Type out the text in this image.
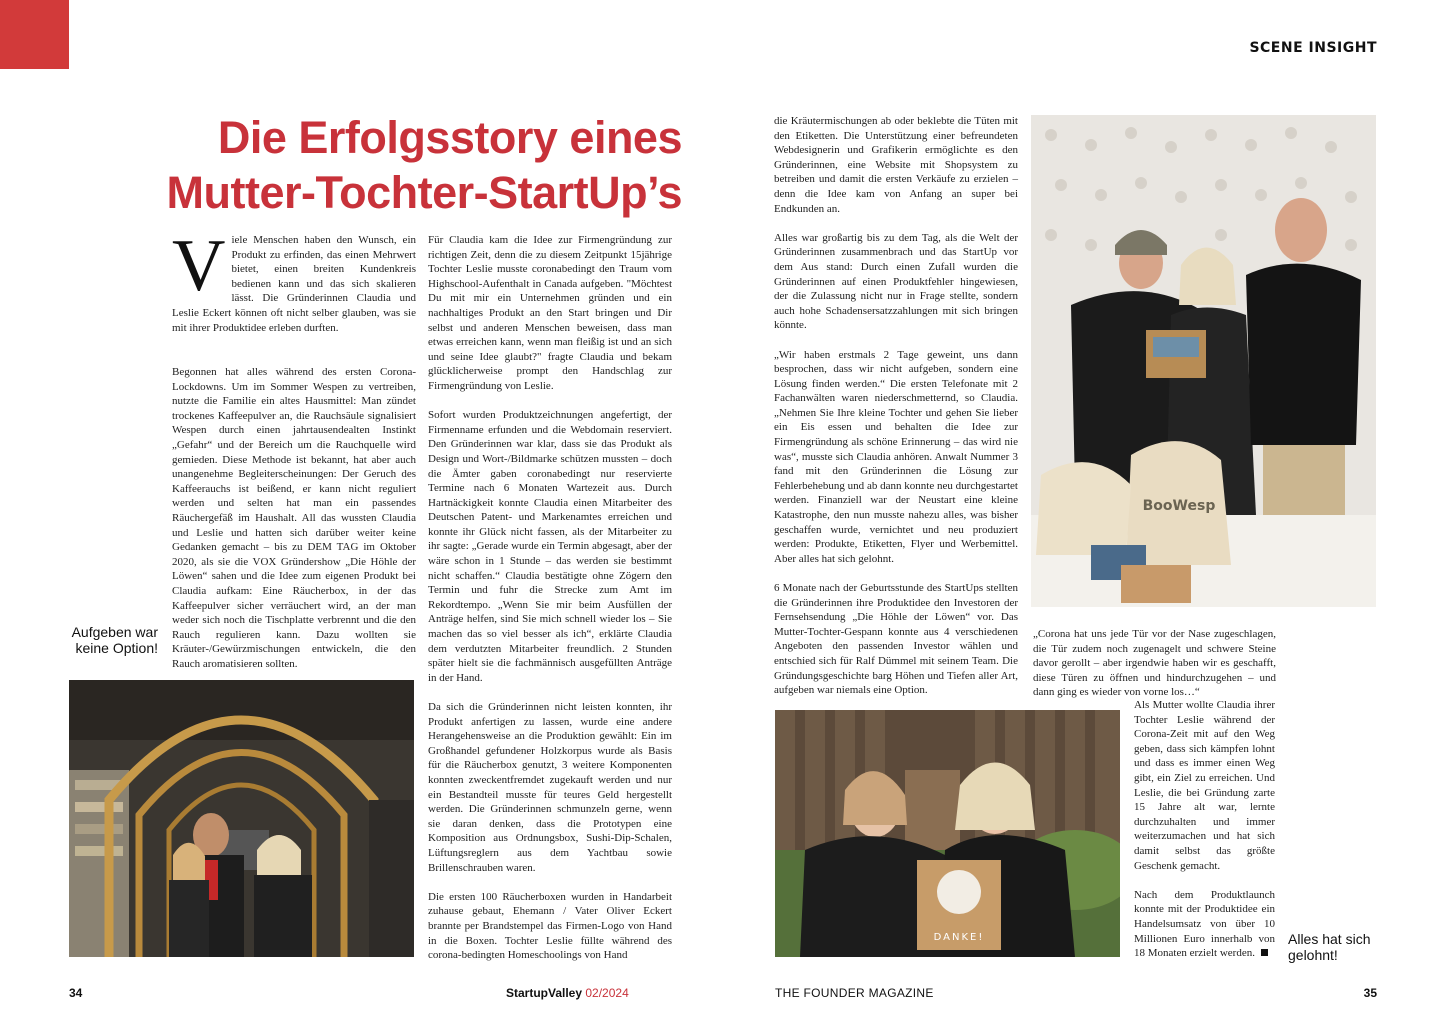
SCENE INSIGHT
Die Erfolgsstory eines
Mutter-Tochter-StartUp’s

Viele Menschen haben den Wunsch, ein Produkt zu erfinden, das einen Mehrwert bietet, einen breiten Kundenkreis bedienen kann und das sich skalieren lässt. Die Gründerinnen Claudia und Leslie Eckert können oft nicht selber glauben, was sie mit ihrer Produktidee erleben durften.

Begonnen hat alles während des ersten Corona-Lockdowns. Um im Sommer Wespen zu vertreiben, nutzte die Familie ein altes Hausmittel: Man zündet trockenes Kaffeepulver an, die Rauchsäule signalisiert Wespen durch einen jahrtausendealten Instinkt „Gefahr“ und der Bereich um die Rauchquelle wird gemieden. Diese Methode ist bekannt, hat aber auch unangenehme Begleiterscheinungen: Der Geruch des Kaffeerauchs ist beißend, er kann nicht reguliert werden und selten hat man ein passendes Räuchergefäß im Haushalt. All das wussten Claudia und Leslie und hatten sich darüber weiter keine Gedanken gemacht – bis zu DEM TAG im Oktober 2020, als sie die VOX Gründershow „Die Höhle der Löwen“ sahen und die Idee zum eigenen Produkt bei Claudia aufkam: Eine Räucherbox, in der das Kaffeepulver sicher verräuchert wird, an der man weder sich noch die Tischplatte verbrennt und die den Rauch regulieren kann. Dazu wollten sie Kräuter-/Gewürzmischungen entwickeln, die den Rauch aromatisieren sollten.

Aufgeben war keine Option!

Für Claudia kam die Idee zur Firmengründung zur richtigen Zeit, denn die zu diesem Zeitpunkt 15jährige Tochter Leslie musste coronabedingt den Traum vom Highschool-Aufenthalt in Canada aufgeben. "Möchtest Du mit mir ein Unternehmen gründen und ein nachhaltiges Produkt an den Start bringen und Dir selbst und anderen Menschen beweisen, dass man etwas erreichen kann, wenn man fleißig ist und an sich und seine Idee glaubt?" fragte Claudia und bekam glücklicherweise prompt den Handschlag zur Firmengründung von Leslie.

Sofort wurden Produktzeichnungen angefertigt, der Firmenname erfunden und die Webdomain reserviert. Den Gründerinnen war klar, dass sie das Produkt als Design und Wort-/Bildmarke schützen mussten – doch die Ämter gaben coronabedingt nur reservierte Termine nach 6 Monaten Wartezeit aus. Durch Hartnäckigkeit konnte Claudia einen Mitarbeiter des Deutschen Patent- und Markenamtes erreichen und konnte ihr Glück nicht fassen, als der Mitarbeiter zu ihr sagte: „Gerade wurde ein Termin abgesagt, aber der wäre schon in 1 Stunde – das werden sie bestimmt nicht schaffen.“ Claudia bestätigte ohne Zögern den Termin und fuhr die Strecke zum Amt im Rekordtempo. „Wenn Sie mir beim Ausfüllen der Anträge helfen, sind Sie mich schnell wieder los – Sie machen das so viel besser als ich“, erklärte Claudia dem verdutzten Mitarbeiter freundlich. 2 Stunden später hielt sie die fachmännisch ausgefüllten Anträge in der Hand.

Da sich die Gründerinnen nicht leisten konnten, ihr Produkt anfertigen zu lassen, wurde eine andere Herangehensweise an die Produktion gewählt: Ein im Großhandel gefundener Holzkorpus wurde als Basis für die Räucherbox genutzt, 3 weitere Komponenten konnten zweckentfremdet zugekauft werden und nur ein Bestandteil musste für teures Geld hergestellt werden. Die Gründerinnen schmunzeln gerne, wenn sie daran denken, dass die Prototypen eine Komposition aus Ordnungsbox, Sushi-Dip-Schalen, Lüftungsreglern aus dem Yachtbau sowie Brillenschrauben waren.

Die ersten 100 Räucherboxen wurden in Handarbeit zuhause gebaut, Ehemann / Vater Oliver Eckert brannte per Brandstempel das Firmen-Logo von Hand in die Boxen. Tochter Leslie füllte während des corona-bedingten Homeschoolings von Hand

die Kräutermischungen ab oder beklebte die Tüten mit den Etiketten. Die Unterstützung einer befreundeten Webdesignerin und Grafikerin ermöglichte es den Gründerinnen, eine Website mit Shopsystem zu betreiben und damit die ersten Verkäufe zu erzielen – denn die Idee kam von Anfang an super bei Endkunden an.

Alles war großartig bis zu dem Tag, als die Welt der Gründerinnen zusammenbrach und das StartUp vor dem Aus stand: Durch einen Zufall wurden die Gründerinnen auf einen Produktfehler hingewiesen, der die Zulassung nicht nur in Frage stellte, sondern auch hohe Schadensersatzzahlungen mit sich bringen könnte.

„Wir haben erstmals 2 Tage geweint, uns dann besprochen, dass wir nicht aufgeben, sondern eine Lösung finden werden.“ Die ersten Telefonate mit 2 Fachanwälten waren niederschmetternd, so Claudia. „Nehmen Sie Ihre kleine Tochter und gehen Sie lieber ein Eis essen und behalten die Idee zur Firmengründung als schöne Erinnerung – das wird nie was“, musste sich Claudia anhören. Anwalt Nummer 3 fand mit den Gründerinnen die Lösung zur Fehlerbehebung und ab dann konnte neu durchgestartet werden. Finanziell war der Neustart eine kleine Katastrophe, den nun musste nahezu alles, was bisher geschaffen wurde, vernichtet und neu produziert werden: Produkte, Etiketten, Flyer und Werbemittel. Aber alles hat sich gelohnt.

6 Monate nach der Geburtsstunde des StartUps stellten die Gründerinnen ihre Produktidee den Investoren der Fernsehsendung „Die Höhle der Löwen“ vor. Das Mutter-Tochter-Gespann konnte aus 4 verschiedenen Angeboten den passenden Investor wählen und entschied sich für Ralf Dümmel mit seinem Team. Die Gründungsgeschichte barg Höhen und Tiefen aller Art, aufgeben war niemals eine Option.

BooWesp

„Corona hat uns jede Tür vor der Nase zugeschlagen, die Tür zudem noch zugenagelt und schwere Steine davor gerollt – aber irgendwie haben wir es geschafft, diese Türen zu öffnen und hindurchzugehen – und dann ging es wieder von vorne los…“

DANKE!

Als Mutter wollte Claudia ihrer Tochter Leslie während der Corona-Zeit mit auf den Weg geben, dass sich kämpfen lohnt und dass es immer einen Weg gibt, ein Ziel zu erreichen. Und Leslie, die bei Gründung zarte 15 Jahre alt war, lernte durchzuhalten und immer weiterzumachen und hat sich damit selbst das größte Geschenk gemacht.

Nach dem Produktlaunch konnte mit der Produktidee ein Handelsumsatz von über 10 Millionen Euro innerhalb von 18 Monaten erzielt werden.

Alles hat sich gelohnt!
34	StartupValley 02/2024	THE FOUNDER MAGAZINE	35
